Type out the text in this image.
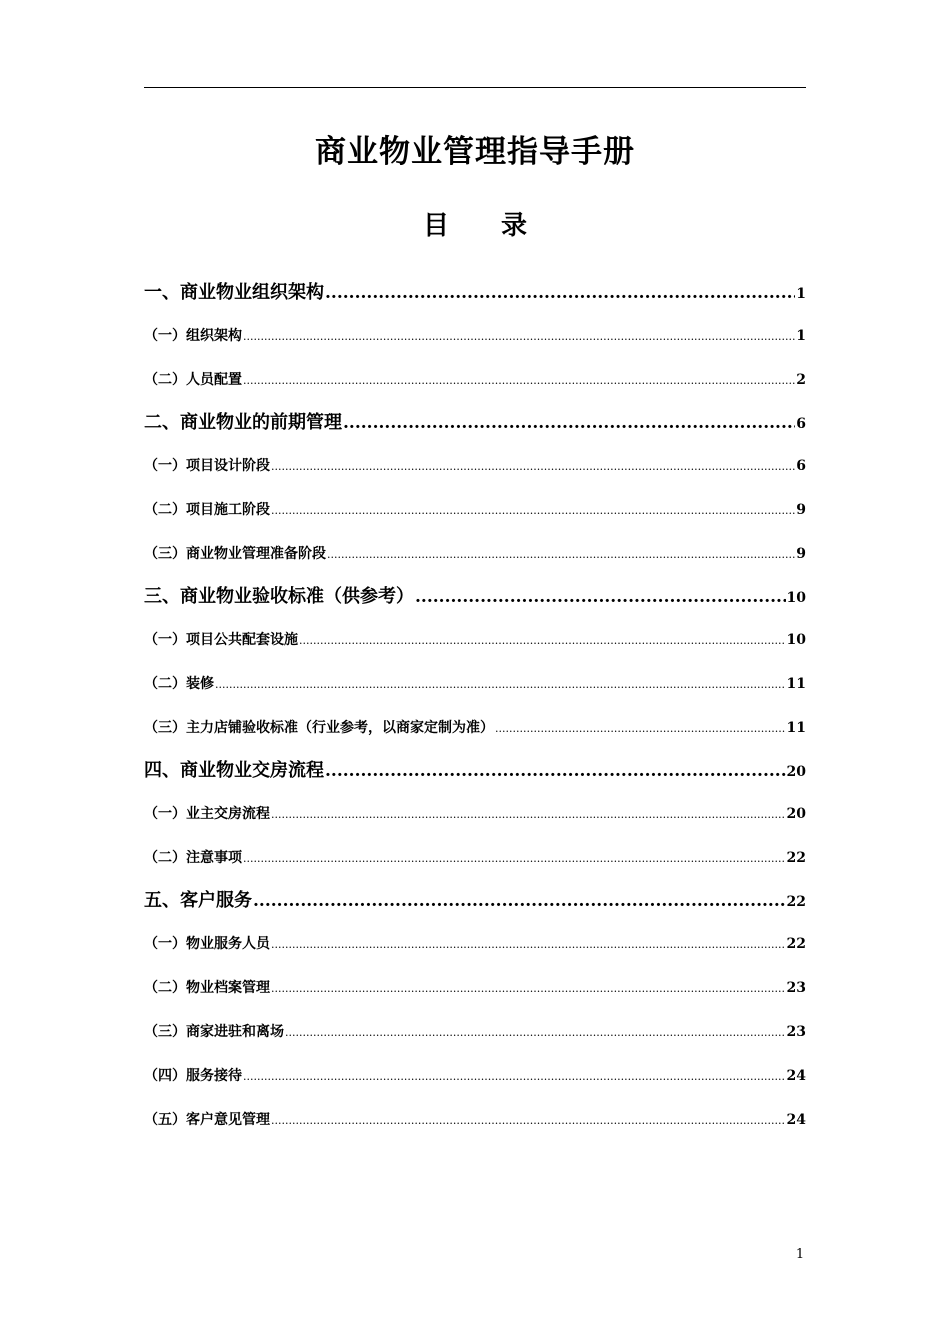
商业物业管理指导手册
目 录
一、商业物业组织架构 .....	1
（一）组织架构 .....	1
（二）人员配置 .....	2
二、商业物业的前期管理 .....	6
（一）项目设计阶段 .....	6
（二）项目施工阶段 .....	9
（三）商业物业管理准备阶段 .....	9
三、商业物业验收标准（供参考） .....	10
（一）项目公共配套设施 .....	10
（二）装修 .....	11
（三）主力店铺验收标准（行业参考，以商家定制为准） .....	11
四、商业物业交房流程 .....	20
（一）业主交房流程 .....	20
（二）注意事项 .....	22
五、客户服务 .....	22
（一）物业服务人员 .....	22
（二）物业档案管理 .....	23
（三）商家进驻和离场 .....	23
（四）服务接待 .....	24
（五）客户意见管理 .....	24
1
